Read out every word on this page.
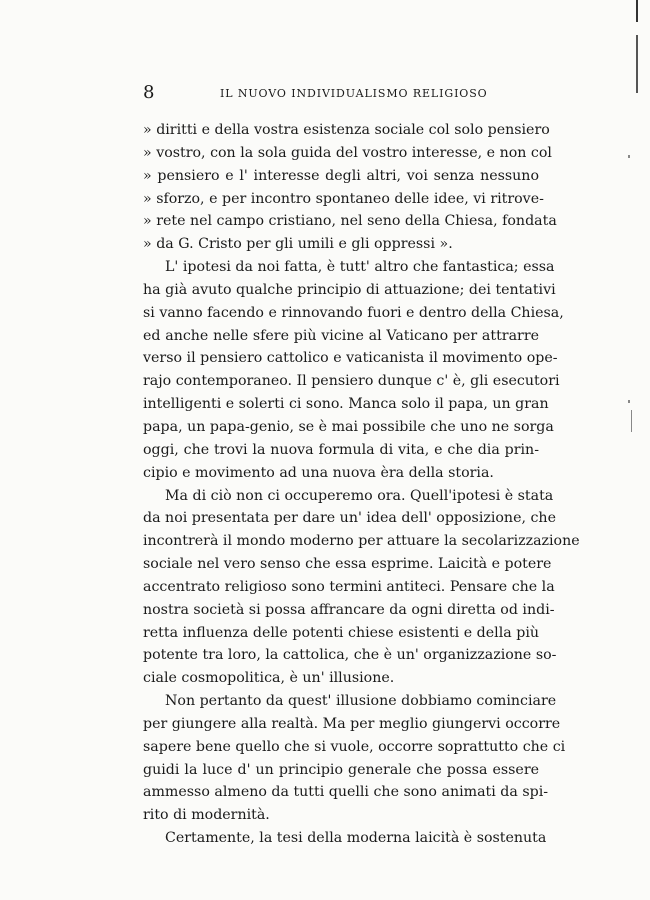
8	IL NUOVO INDIVIDUALISMO RELIGIOSO
» diritti e della vostra esistenza sociale col solo pensiero
» vostro, con la sola guida del vostro interesse, e non col
» pensiero e l' interesse degli altri, voi senza nessuno
» sforzo, e per incontro spontaneo delle idee, vi ritrove-
» rete nel campo cristiano, nel seno della Chiesa, fondata
» da G. Cristo per gli umili e gli oppressi ».
L' ipotesi da noi fatta, è tutt' altro che fantastica; essa
ha già avuto qualche principio di attuazione; dei tentativi
si vanno facendo e rinnovando fuori e dentro della Chiesa,
ed anche nelle sfere più vicine al Vaticano per attrarre
verso il pensiero cattolico e vaticanista il movimento ope-
rajo contemporaneo. Il pensiero dunque c' è, gli esecutori
intelligenti e solerti ci sono. Manca solo il papa, un gran
papa, un papa-genio, se è mai possibile che uno ne sorga
oggi, che trovi la nuova formula di vita, e che dia prin-
cipio e movimento ad una nuova èra della storia.
Ma di ciò non ci occuperemo ora. Quell'ipotesi è stata
da noi presentata per dare un' idea dell' opposizione, che
incontrerà il mondo moderno per attuare la secolarizzazione
sociale nel vero senso che essa esprime. Laicità e potere
accentrato religioso sono termini antiteci. Pensare che la
nostra società si possa affrancare da ogni diretta od indi-
retta influenza delle potenti chiese esistenti e della più
potente tra loro, la cattolica, che è un' organizzazione so-
ciale cosmopolitica, è un' illusione.
Non pertanto da quest' illusione dobbiamo cominciare
per giungere alla realtà. Ma per meglio giungervi occorre
sapere bene quello che si vuole, occorre soprattutto che ci
guidi la luce d' un principio generale che possa essere
ammesso almeno da tutti quelli che sono animati da spi-
rito di modernità.
Certamente, la tesi della moderna laicità è sostenuta
